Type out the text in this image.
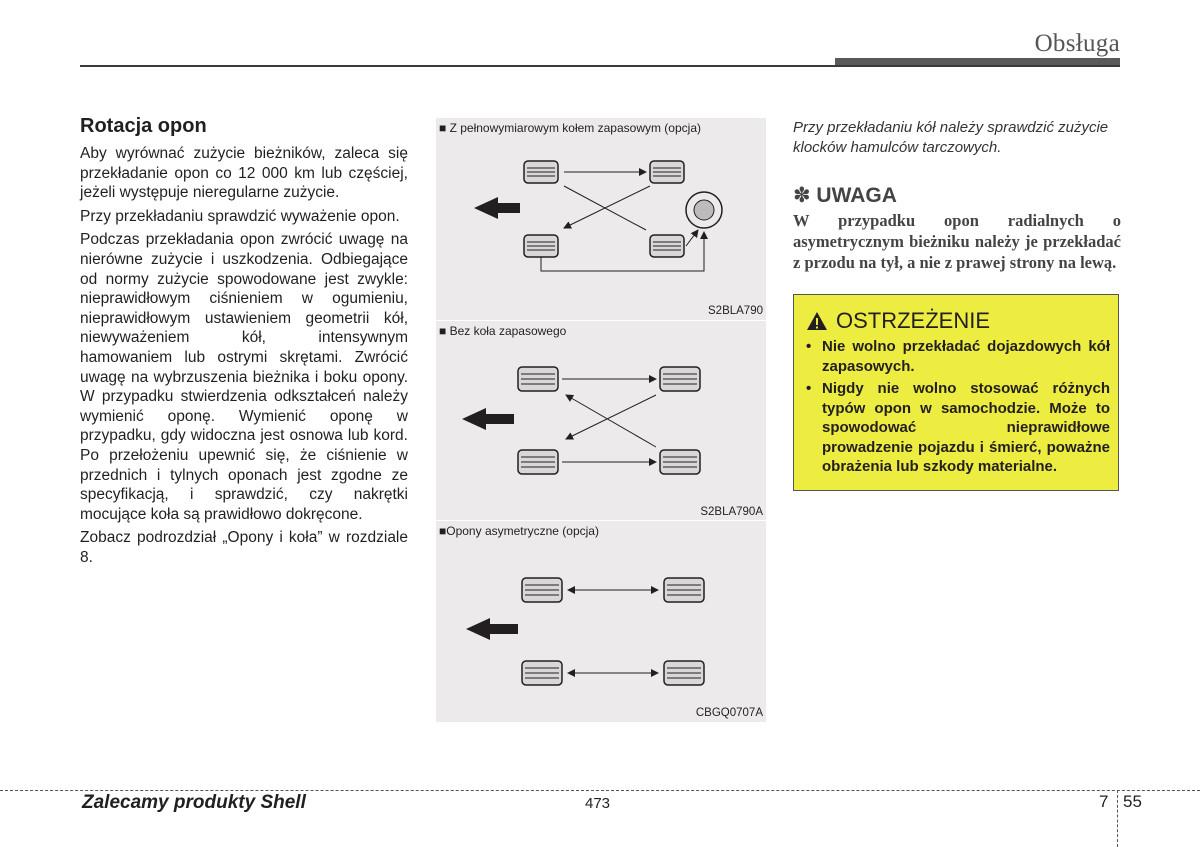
Obsługa
Rotacja opon

Aby wyrównać zużycie bieżników, zaleca się przekładanie opon co 12 000 km lub częściej, jeżeli występuje nieregularne zużycie.

Przy przekładaniu sprawdzić wyważenie opon.

Podczas przekładania opon zwrócić uwagę na nierówne zużycie i uszkodzenia. Odbiegające od normy zużycie spowodowane jest zwykle: nieprawidłowym ciśnieniem w ogumieniu, nieprawidłowym ustawieniem geometrii kół, niewyważeniem kół, intensywnym hamowaniem lub ostrymi skrętami. Zwrócić uwagę na wybrzuszenia bieżnika i boku opony. W przypadku stwierdzenia odkształceń należy wymienić oponę. Wymienić oponę w przypadku, gdy widoczna jest osnowa lub kord. Po przełożeniu upewnić się, że ciśnienie w przednich i tylnych oponach jest zgodne ze specyfikacją, i sprawdzić, czy nakrętki mocujące koła są prawidłowo dokręcone.

Zobacz podrozdział „Opony i koła” w rozdziale 8.

■ Z pełnowymiarowym kołem zapasowym (opcja)
S2BLA790
■ Bez koła zapasowego
S2BLA790A
■Opony asymetryczne (opcja)
CBGQ0707A

Przy przekładaniu kół należy sprawdzić zużycie klocków hamulców tarczowych.

✽ UWAGA

W przypadku opon radialnych o asymetrycznym bieżniku należy je przekładać z przodu na tył, a nie z prawej strony na lewą.

OSTRZEŻENIE
• Nie wolno przekładać dojazdowych kół zapasowych.
• Nigdy nie wolno stosować różnych typów opon w samochodzie. Może to spowodować nieprawidłowe prowadzenie pojazdu i śmierć, poważne obrażenia lub szkody materialne.
Zalecamy produkty Shell	473	7 55
